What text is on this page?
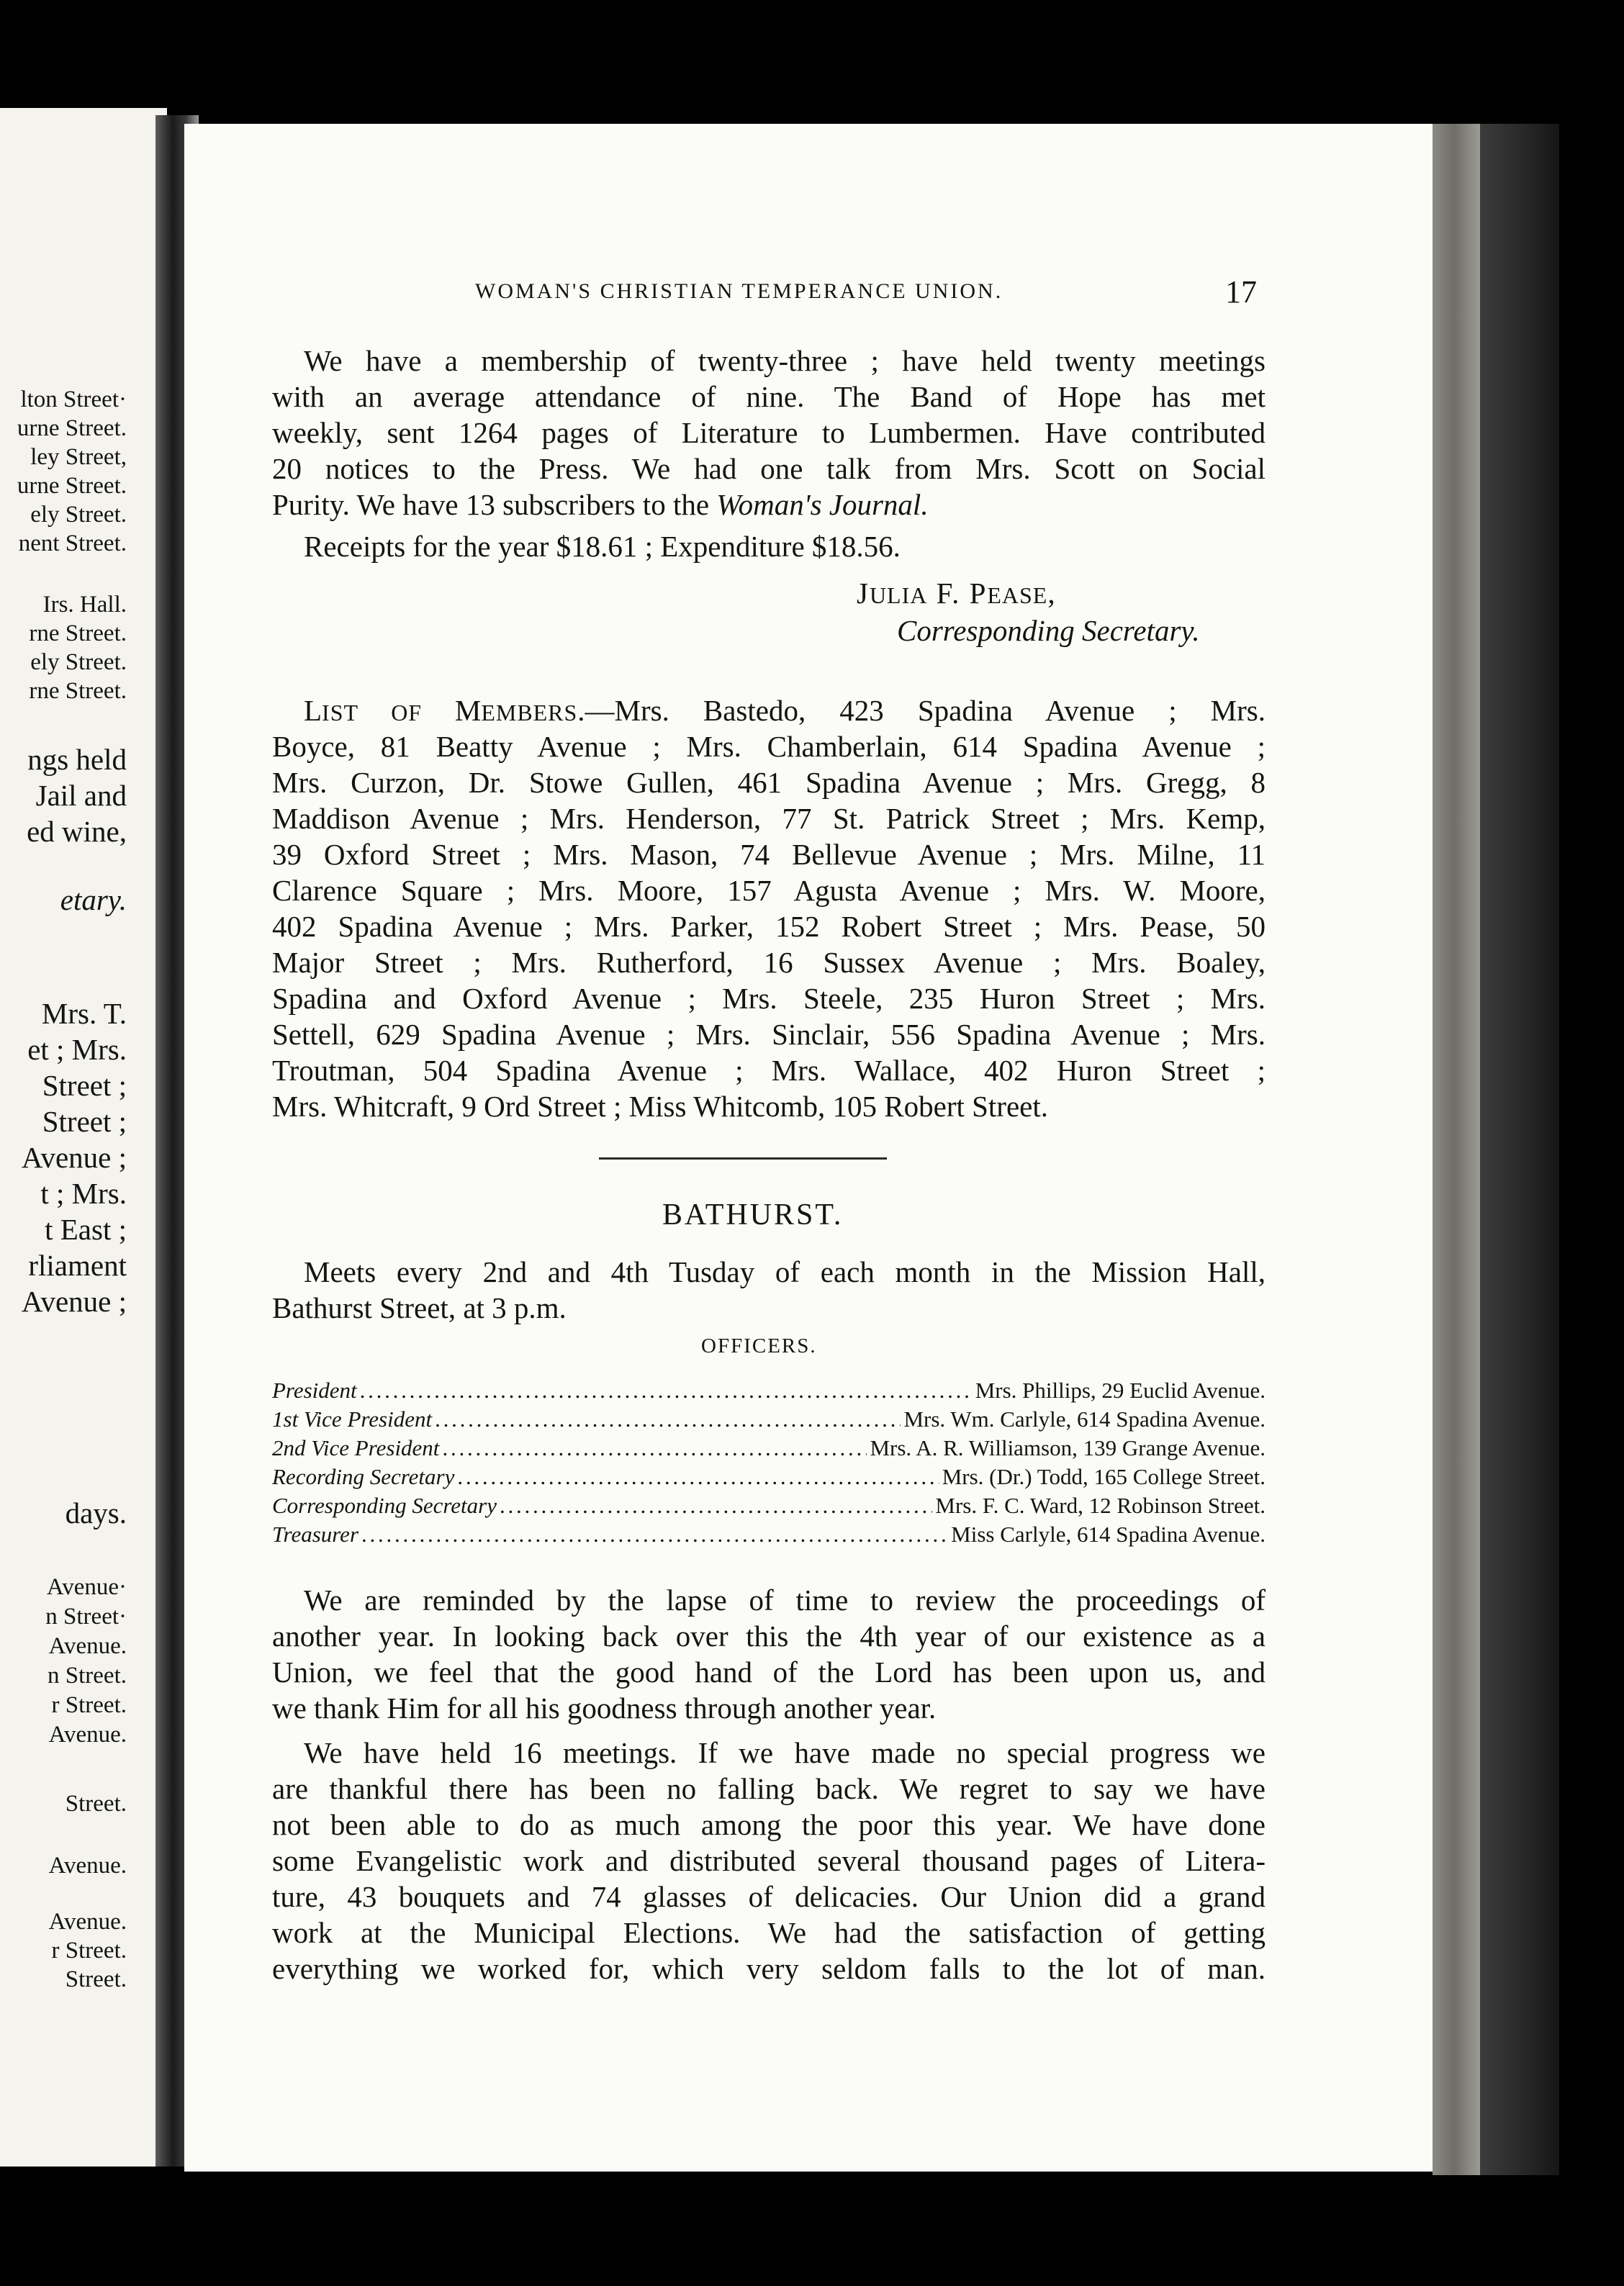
lton Street·
urne Street.
ley Street,
urne Street.
ely Street.
nent Street.
Irs. Hall.
rne Street.
ely Street.
rne Street.
ngs held
Jail and
ed wine,
etary.
Mrs. T.
et ; Mrs.
Street ;
Street ;
Avenue ;
t ; Mrs.
t East ;
rliament
Avenue ;
days.
Avenue·
n Street·
Avenue.
n Street.
r Street.
Avenue.
Street.
Avenue.
Avenue.
r Street.
Street.
WOMAN'S CHRISTIAN TEMPERANCE UNION.	17
We have a membership of twenty-three ; have held twenty meetings
with an average attendance of nine. The Band of Hope has met
weekly, sent 1264 pages of Literature to Lumbermen. Have contributed
20 notices to the Press. We had one talk from Mrs. Scott on Social
Purity. We have 13 subscribers to the Woman's Journal.
Receipts for the year $18.61 ; Expenditure $18.56.
JULIA F. PEASE,
Corresponding Secretary.
LIST OF MEMBERS.—Mrs. Bastedo, 423 Spadina Avenue ; Mrs.
Boyce, 81 Beatty Avenue ; Mrs. Chamberlain, 614 Spadina Avenue ;
Mrs. Curzon, Dr. Stowe Gullen, 461 Spadina Avenue ; Mrs. Gregg, 8
Maddison Avenue ; Mrs. Henderson, 77 St. Patrick Street ; Mrs. Kemp,
39 Oxford Street ; Mrs. Mason, 74 Bellevue Avenue ; Mrs. Milne, 11
Clarence Square ; Mrs. Moore, 157 Agusta Avenue ; Mrs. W. Moore,
402 Spadina Avenue ; Mrs. Parker, 152 Robert Street ; Mrs. Pease, 50
Major Street ; Mrs. Rutherford, 16 Sussex Avenue ; Mrs. Boaley,
Spadina and Oxford Avenue ; Mrs. Steele, 235 Huron Street ; Mrs.
Settell, 629 Spadina Avenue ; Mrs. Sinclair, 556 Spadina Avenue ; Mrs.
Troutman, 504 Spadina Avenue ; Mrs. Wallace, 402 Huron Street ;
Mrs. Whitcraft, 9 Ord Street ; Miss Whitcomb, 105 Robert Street.
BATHURST.
Meets every 2nd and 4th Tusday of each month in the Mission Hall,
Bathurst Street, at 3 p.m.
OFFICERS.
President . . .	Mrs. Phillips, 29 Euclid Avenue.
1st Vice President . . .	Mrs. Wm. Carlyle, 614 Spadina Avenue.
2nd Vice President . . .	Mrs. A. R. Williamson, 139 Grange Avenue.
Recording Secretary . . .	Mrs. (Dr.) Todd, 165 College Street.
Corresponding Secretary . . .	Mrs. F. C. Ward, 12 Robinson Street.
Treasurer . . .	Miss Carlyle, 614 Spadina Avenue.
We are reminded by the lapse of time to review the proceedings of
another year. In looking back over this the 4th year of our existence as a
Union, we feel that the good hand of the Lord has been upon us, and
we thank Him for all his goodness through another year.
We have held 16 meetings. If we have made no special progress we
are thankful there has been no falling back. We regret to say we have
not been able to do as much among the poor this year. We have done
some Evangelistic work and distributed several thousand pages of Litera-
ture, 43 bouquets and 74 glasses of delicacies. Our Union did a grand
work at the Municipal Elections. We had the satisfaction of getting
everything we worked for, which very seldom falls to the lot of man.
